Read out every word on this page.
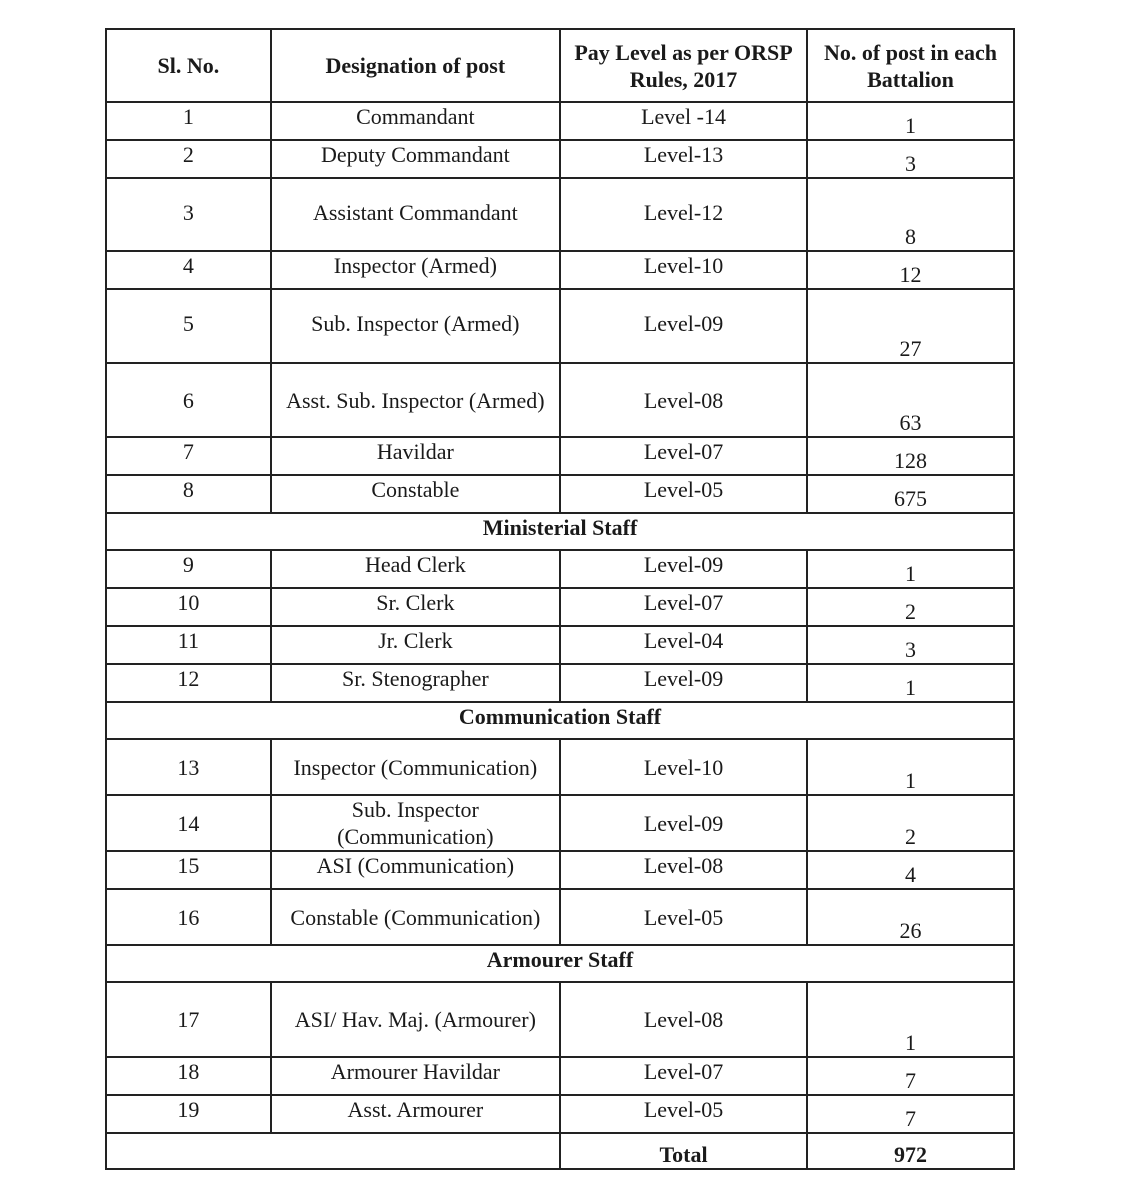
Sl. No.	Designation of post	Pay Level as per ORSP Rules, 2017	No. of post in each Battalion
1	Commandant	Level -14	1
2	Deputy Commandant	Level-13	3
3	Assistant Commandant	Level-12	8
4	Inspector (Armed)	Level-10	12
5	Sub. Inspector (Armed)	Level-09	27
6	Asst. Sub. Inspector (Armed)	Level-08	63
7	Havildar	Level-07	128
8	Constable	Level-05	675
Ministerial Staff			
9	Head Clerk	Level-09	1
10	Sr. Clerk	Level-07	2
11	Jr. Clerk	Level-04	3
12	Sr. Stenographer	Level-09	1
Communication Staff			
13	Inspector (Communication)	Level-10	1
14	Sub. Inspector (Communication)	Level-09	2
15	ASI (Communication)	Level-08	4
16	Constable (Communication)	Level-05	26
Armourer Staff			
17	ASI/ Hav. Maj. (Armourer)	Level-08	1
18	Armourer Havildar	Level-07	7
19	Asst. Armourer	Level-05	7
		Total	972
